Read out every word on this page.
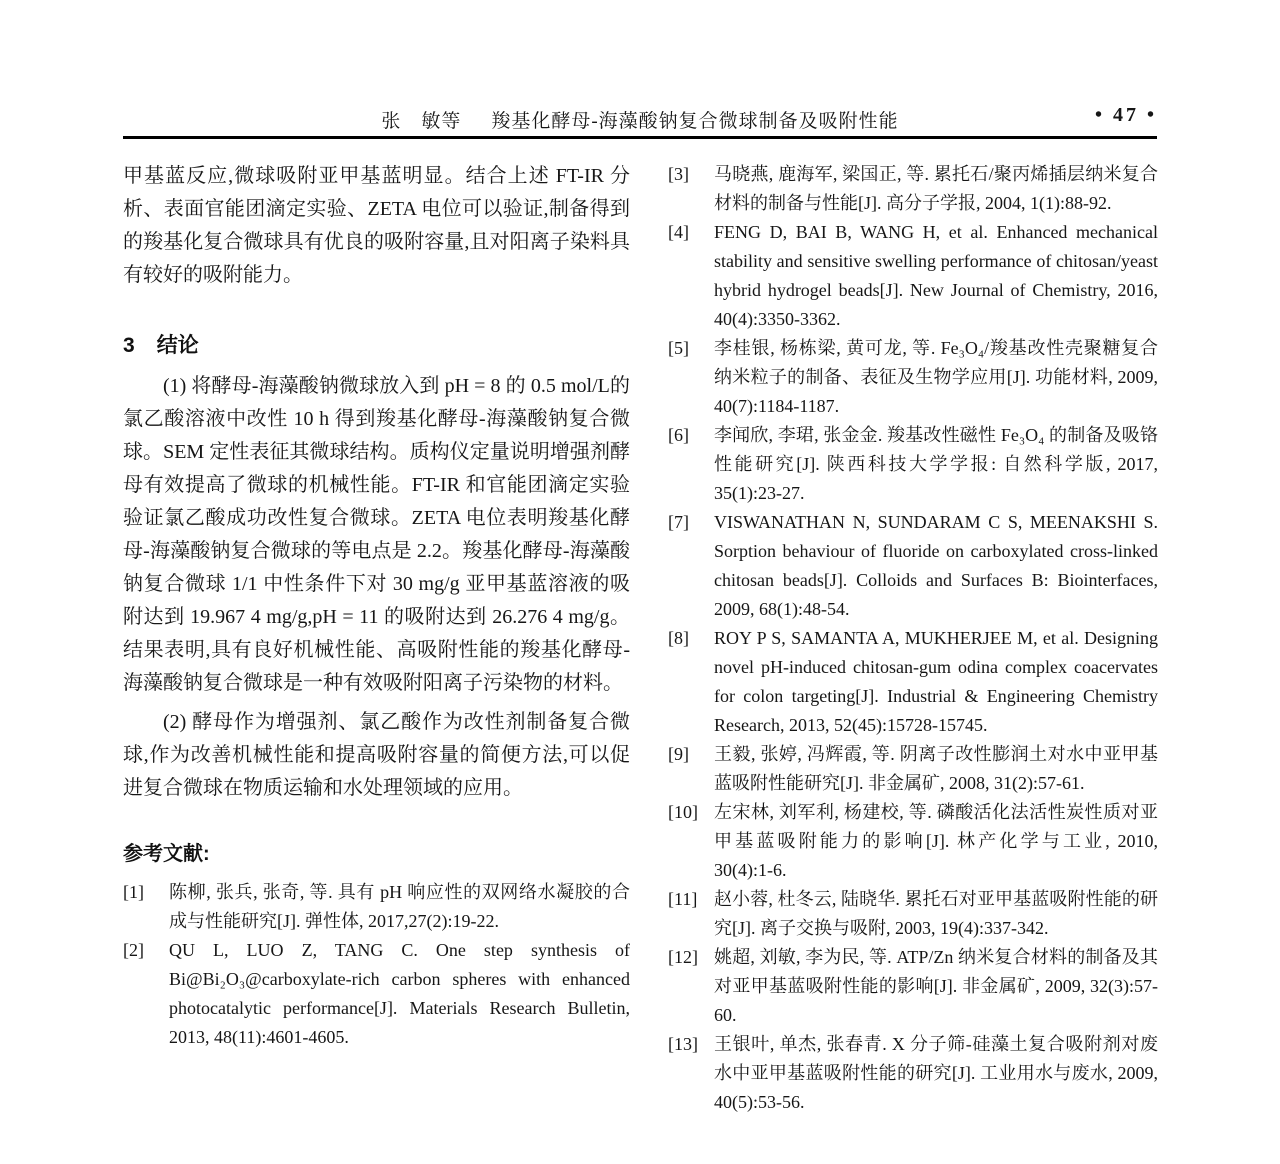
张　敏等 羧基化酵母-海藻酸钠复合微球制备及吸附性能	• 47 •

甲基蓝反应,微球吸附亚甲基蓝明显。结合上述 FT-IR 分析、表面官能团滴定实验、ZETA 电位可以验证,制备得到的羧基化复合微球具有优良的吸附容量,且对阳离子染料具有较好的吸附能力。

3 结论

(1) 将酵母-海藻酸钠微球放入到 pH = 8 的 0.5 mol/L的氯乙酸溶液中改性 10 h 得到羧基化酵母-海藻酸钠复合微球。SEM 定性表征其微球结构。质构仪定量说明增强剂酵母有效提高了微球的机械性能。FT-IR 和官能团滴定实验验证氯乙酸成功改性复合微球。ZETA 电位表明羧基化酵母-海藻酸钠复合微球的等电点是 2.2。羧基化酵母-海藻酸钠复合微球 1/1 中性条件下对 30 mg/g 亚甲基蓝溶液的吸附达到 19.967 4 mg/g,pH = 11 的吸附达到 26.276 4 mg/g。结果表明,具有良好机械性能、高吸附性能的羧基化酵母-海藻酸钠复合微球是一种有效吸附阳离子污染物的材料。

(2) 酵母作为增强剂、氯乙酸作为改性剂制备复合微球,作为改善机械性能和提高吸附容量的简便方法,可以促进复合微球在物质运输和水处理领域的应用。

参考文献:
[1] 陈柳, 张兵, 张奇, 等. 具有 pH 响应性的双网络水凝胶的合成与性能研究[J]. 弹性体, 2017,27(2):19-22.
[2] QU L, LUO Z, TANG C. One step synthesis of Bi@Bi₂O₃@carboxylate-rich carbon spheres with enhanced photocatalytic performance[J]. Materials Research Bulletin, 2013, 48(11):4601-4605.
[3] 马晓燕, 鹿海军, 梁国正, 等. 累托石/聚丙烯插层纳米复合材料的制备与性能[J]. 高分子学报, 2004, 1(1):88-92.
[4] FENG D, BAI B, WANG H, et al. Enhanced mechanical stability and sensitive swelling performance of chitosan/yeast hybrid hydrogel beads[J]. New Journal of Chemistry, 2016, 40(4):3350-3362.
[5] 李桂银, 杨栋梁, 黄可龙, 等. Fe₃O₄/羧基改性壳聚糖复合纳米粒子的制备、表征及生物学应用[J]. 功能材料, 2009, 40(7):1184-1187.
[6] 李闻欣, 李珺, 张金金. 羧基改性磁性 Fe₃O₄ 的制备及吸铬性能研究[J]. 陕西科技大学学报: 自然科学版, 2017, 35(1):23-27.
[7] VISWANATHAN N, SUNDARAM C S, MEENAKSHI S. Sorption behaviour of fluoride on carboxylated cross-linked chitosan beads[J]. Colloids and Surfaces B: Biointerfaces, 2009, 68(1):48-54.
[8] ROY P S, SAMANTA A, MUKHERJEE M, et al. Designing novel pH-induced chitosan-gum odina complex coacervates for colon targeting[J]. Industrial & Engineering Chemistry Research, 2013, 52(45):15728-15745.
[9] 王毅, 张婷, 冯辉霞, 等. 阴离子改性膨润土对水中亚甲基蓝吸附性能研究[J]. 非金属矿, 2008, 31(2):57-61.
[10] 左宋林, 刘军利, 杨建校, 等. 磷酸活化法活性炭性质对亚甲基蓝吸附能力的影响[J]. 林产化学与工业, 2010, 30(4):1-6.
[11] 赵小蓉, 杜冬云, 陆晓华. 累托石对亚甲基蓝吸附性能的研究[J]. 离子交换与吸附, 2003, 19(4):337-342.
[12] 姚超, 刘敏, 李为民, 等. ATP/Zn 纳米复合材料的制备及其对亚甲基蓝吸附性能的影响[J]. 非金属矿, 2009, 32(3):57-60.
[13] 王银叶, 单杰, 张春青. X 分子筛-硅藻土复合吸附剂对废水中亚甲基蓝吸附性能的研究[J]. 工业用水与废水, 2009, 40(5):53-56.
